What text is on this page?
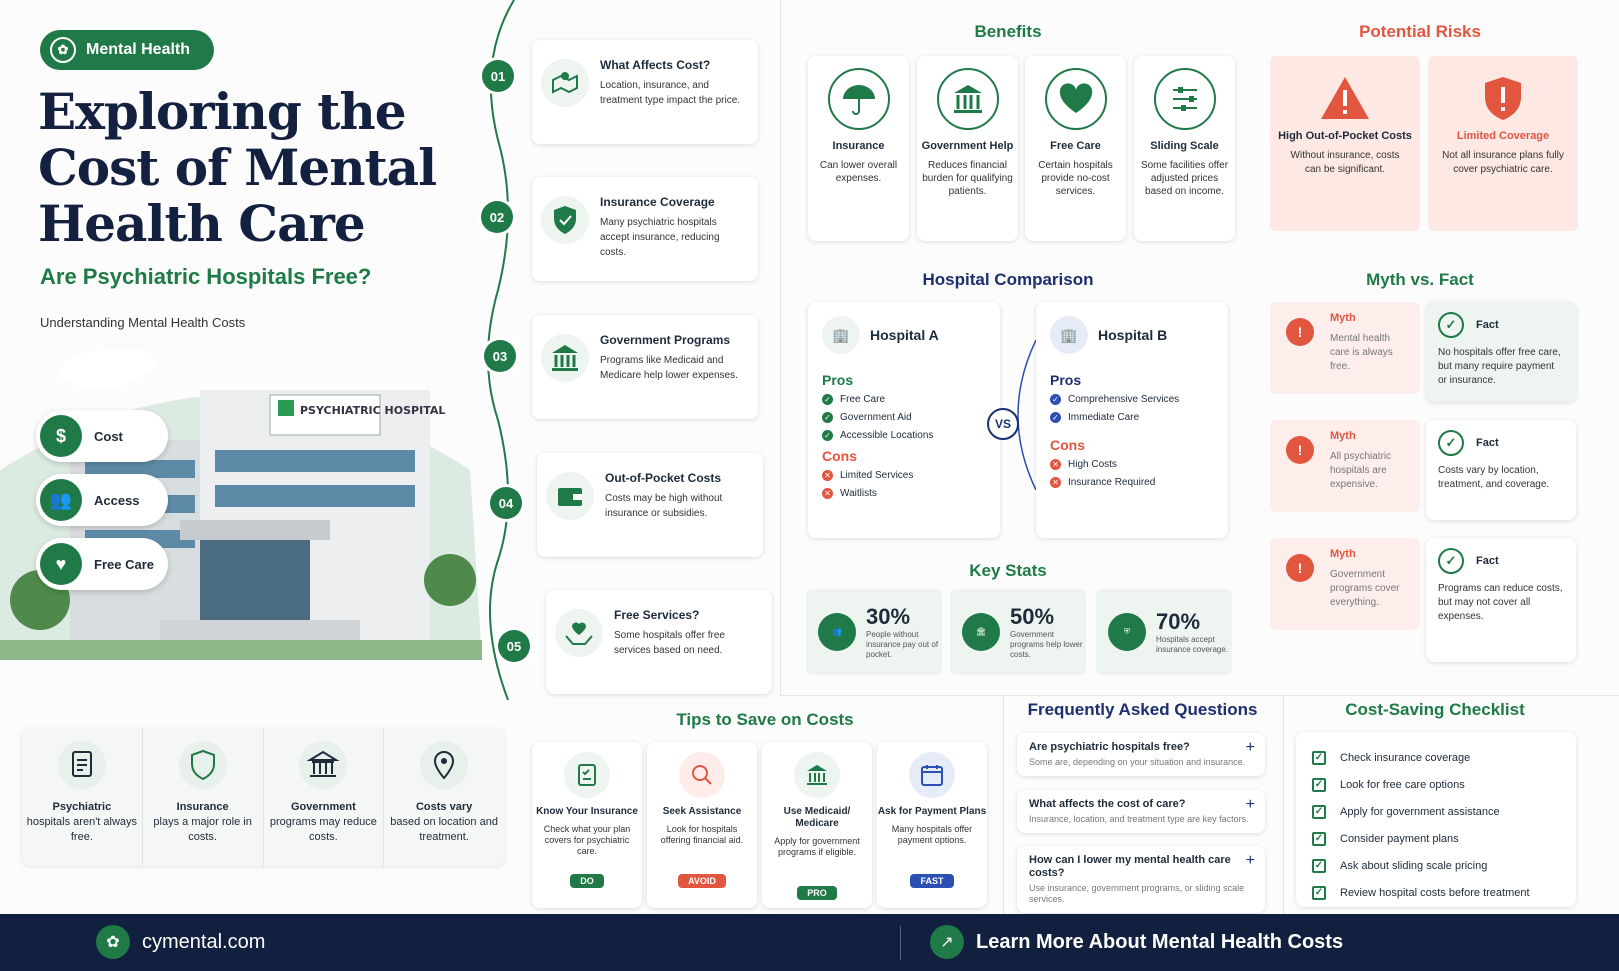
✿	Mental Health
Exploring the Cost of Mental Health Care
Are Psychiatric Hospitals Free?
Understanding Mental Health Costs
PSYCHIATRIC HOSPITAL
$	Cost
👥	Access
♥	Free Care
Psychiatric
hospitals aren't always free.
Insurance
plays a major role in costs.
Government
programs may reduce costs.
Costs vary
based on location and treatment.
01
What Affects Cost?

Location, insurance, and treatment type impact the price.

02
Insurance Coverage

Many psychiatric hospitals accept insurance, reducing costs.

03
Government Programs

Programs like Medicaid and Medicare help lower expenses.

04
Out-of-Pocket Costs

Costs may be high without insurance or subsidies.

05
Free Services?

Some hospitals offer free services based on need.

Benefits	Potential Risks
Insurance

Can lower overall expenses.

Government Help

Reduces financial burden for qualifying patients.

Free Care

Certain hospitals provide no-cost services.

Sliding Scale

Some facilities offer adjusted prices based on income.

High Out-of-Pocket Costs

Without insurance, costs can be significant.

Limited Coverage

Not all insurance plans fully cover psychiatric care.

Hospital Comparison
🏢	Hospital A
Pros
✓ Free Care
✓ Government Aid
✓ Accessible Locations
Cons
✕ Limited Services
✕ Waitlists
VS
🏢	Hospital B
Pros
✓ Comprehensive Services
✓ Immediate Care
Cons
✕ High Costs
✕ Insurance Required
Key Stats
👥
30%
People without insurance pay out of pocket.
🏛
50%
Government programs help lower costs.
⛨	70%
Hospitals accept insurance coverage.
Myth vs. Fact
!
Myth

Mental health care is always free.

✓	Fact

No hospitals offer free care, but many require payment or insurance.

!
Myth

All psychiatric hospitals are expensive.

✓	Fact

Costs vary by location, treatment, and coverage.

!
Myth

Government programs cover everything.

✓	Fact

Programs can reduce costs, but may not cover all expenses.

Tips to Save on Costs
Know Your Insurance

Check what your plan covers for psychiatric care.

DO
Seek Assistance

Look for hospitals offering financial aid.

AVOID
Use Medicaid/ Medicare

Apply for government programs if eligible.

PRO
Ask for Payment Plans

Many hospitals offer payment options.

FAST
Frequently Asked Questions
Are psychiatric hospitals free?

Some are, depending on your situation and insurance.

+
What affects the cost of care?

Insurance, location, and treatment type are key factors.

+
How can I lower my mental health care costs?

Use insurance, government programs, or sliding scale services.

+
Cost-Saving Checklist
✓ Check insurance coverage
✓ Look for free care options
✓ Apply for government assistance
✓ Consider payment plans
✓ Ask about sliding scale pricing
✓ Review hospital costs before treatment
✿	cymental.com	↗	Learn More About Mental Health Costs
